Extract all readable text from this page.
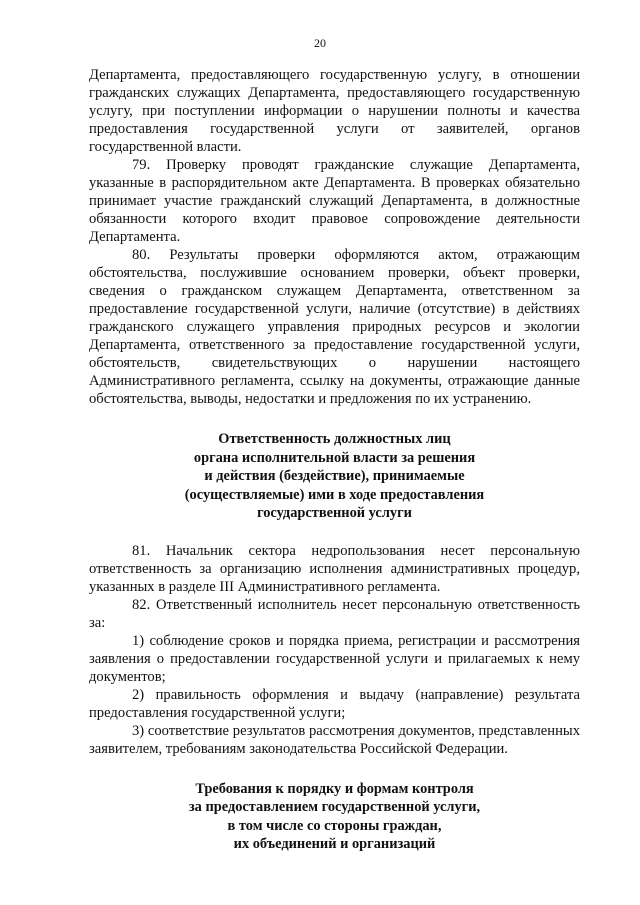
20

Департамента, предоставляющего государственную услугу, в отношении гражданских служащих Департамента, предоставляющего государственную услугу, при поступлении информации о нарушении полноты и качества предоставления государственной услуги от заявителей, органов государственной власти.

79. Проверку проводят гражданские служащие Департамента, указанные в распорядительном акте Департамента. В проверках обязательно принимает участие гражданский служащий Департамента, в должностные обязанности которого входит правовое сопровождение деятельности Департамента.

80. Результаты проверки оформляются актом, отражающим обстоятельства, послужившие основанием проверки, объект проверки, сведения о гражданском служащем Департамента, ответственном за предоставление государственной услуги, наличие (отсутствие) в действиях гражданского служащего управления природных ресурсов и экологии Департамента, ответственного за предоставление государственной услуги, обстоятельств, свидетельствующих о нарушении настоящего Административного регламента, ссылку на документы, отражающие данные обстоятельства, выводы, недостатки и предложения по их устранению.

Ответственность должностных лиц
органа исполнительной власти за решения
и действия (бездействие), принимаемые
(осуществляемые) ими в ходе предоставления
государственной услуги

81. Начальник сектора недропользования несет персональную ответственность за организацию исполнения административных процедур, указанных в разделе III Административного регламента.

82. Ответственный исполнитель несет персональную ответственность за:

1) соблюдение сроков и порядка приема, регистрации и рассмотрения заявления о предоставлении государственной услуги и прилагаемых к нему документов;

2) правильность оформления и выдачу (направление) результата предоставления государственной услуги;

3) соответствие результатов рассмотрения документов, представленных заявителем, требованиям законодательства Российской Федерации.

Требования к порядку и формам контроля
за предоставлением государственной услуги,
в том числе со стороны граждан,
их объединений и организаций
